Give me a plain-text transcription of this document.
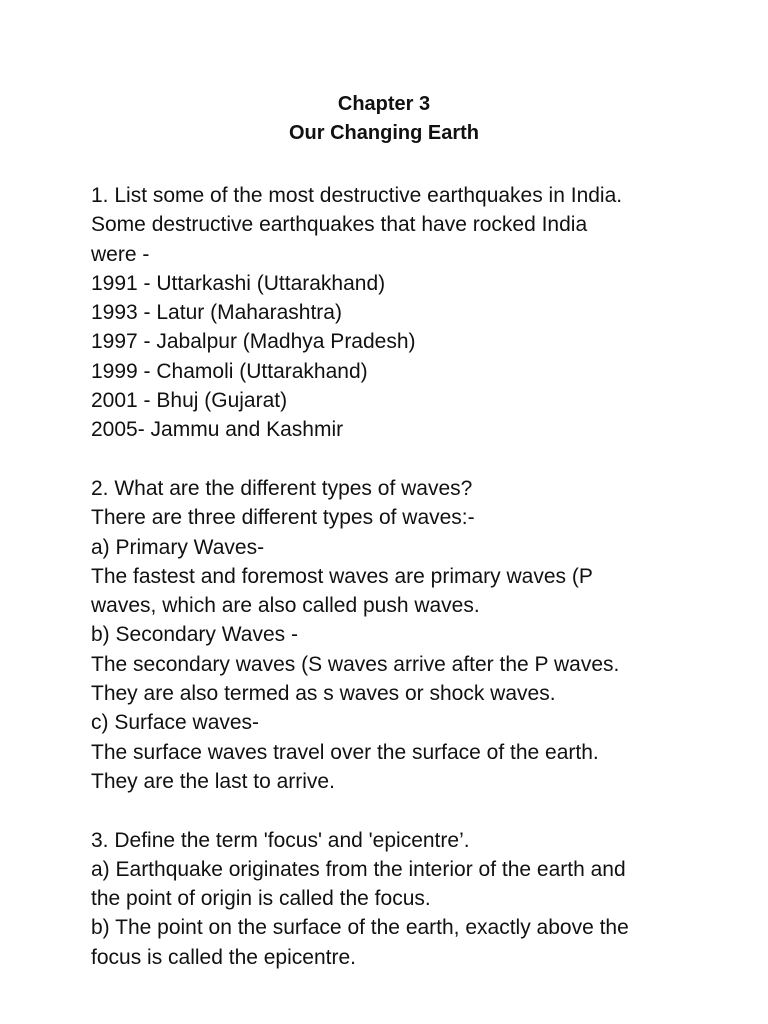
Chapter 3

Our Changing Earth

1. List some of the most destructive earthquakes in India.

Some destructive earthquakes that have rocked India

were -

1991 - Uttarkashi (Uttarakhand)

1993 - Latur (Maharashtra)

1997 - Jabalpur (Madhya Pradesh)

1999 - Chamoli (Uttarakhand)

2001 - Bhuj (Gujarat)

2005- Jammu and Kashmir

2. What are the different types of waves?

There are three different types of waves:-

a) Primary Waves-

The fastest and foremost waves are primary waves (P

waves, which are also called push waves.

b) Secondary Waves -

The secondary waves (S waves arrive after the P waves.

They are also termed as s waves or shock waves.

c) Surface waves-

The surface waves travel over the surface of the earth.

They are the last to arrive.

3. Define the term 'focus' and 'epicentre’.

a) Earthquake originates from the interior of the earth and

the point of origin is called the focus.

b) The point on the surface of the earth, exactly above the

focus is called the epicentre.
